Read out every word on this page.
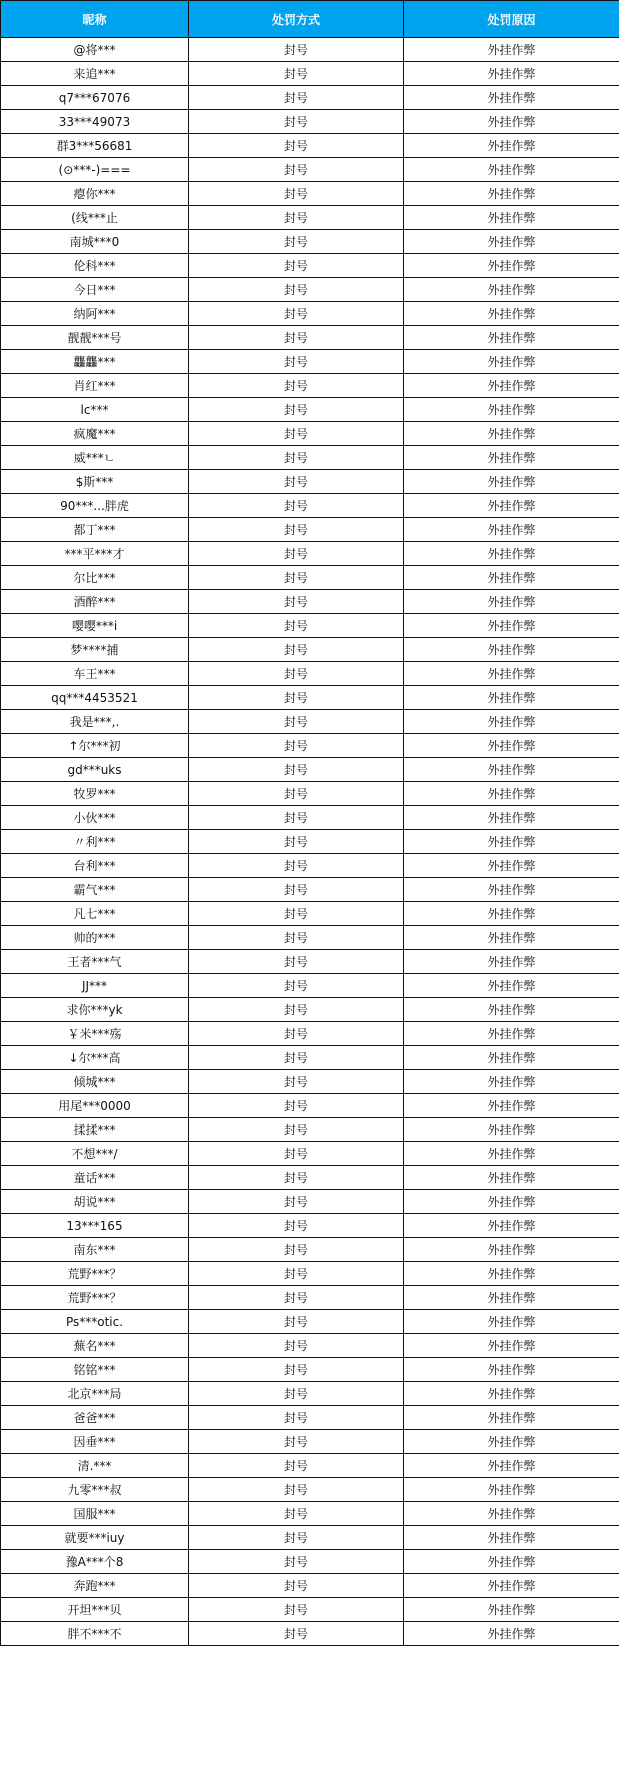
昵称	处罚方式	处罚原因
@将***	封号	外挂作弊
来追***	封号	外挂作弊
q7***67076	封号	外挂作弊
33***49073	封号	外挂作弊
群3***56681	封号	外挂作弊
(⊙***-)===	封号	外挂作弊
瘪你***	封号	外挂作弊
(线***止	封号	外挂作弊
南城***0	封号	外挂作弊
伦科***	封号	外挂作弊
今日***	封号	外挂作弊
纳阿***	封号	外挂作弊
靓靓***号	封号	外挂作弊
龘龘***	封号	外挂作弊
肖红***	封号	外挂作弊
lc***	封号	外挂作弊
疯魔***	封号	外挂作弊
威***ㄴ	封号	外挂作弊
$斯***	封号	外挂作弊
90***...胖虎	封号	外挂作弊
都丁***	封号	外挂作弊
***平***才	封号	外挂作弊
尔比***	封号	外挂作弊
酒醉***	封号	外挂作弊
嘤嘤***i	封号	外挂作弊
梦****捕	封号	外挂作弊
车王***	封号	外挂作弊
qq***4453521	封号	外挂作弊
我是***,.	封号	外挂作弊
↑尔***初	封号	外挂作弊
gd***uks	封号	外挂作弊
牧罗***	封号	外挂作弊
小伙***	封号	外挂作弊
〃利***	封号	外挂作弊
台利***	封号	外挂作弊
霸气***	封号	外挂作弊
凡七***	封号	外挂作弊
帅的***	封号	外挂作弊
王者***气	封号	外挂作弊
JJ***	封号	外挂作弊
求你***yk	封号	外挂作弊
￥米***殇	封号	外挂作弊
↓尔***高	封号	外挂作弊
倾城***	封号	外挂作弊
用尾***0000	封号	外挂作弊
揉揉***	封号	外挂作弊
不想***/	封号	外挂作弊
童话***	封号	外挂作弊
胡说***	封号	外挂作弊
13***165	封号	外挂作弊
南东***	封号	外挂作弊
荒野***？	封号	外挂作弊
荒野***？	封号	外挂作弊
Ps***otic.	封号	外挂作弊
蕪名***	封号	外挂作弊
铭铭***	封号	外挂作弊
北京***局	封号	外挂作弊
爸爸***	封号	外挂作弊
因垂***	封号	外挂作弊
清.***	封号	外挂作弊
九零***叔	封号	外挂作弊
国服***	封号	外挂作弊
就要***iuy	封号	外挂作弊
豫A***个8	封号	外挂作弊
奔跑***	封号	外挂作弊
开坦***贝	封号	外挂作弊
胖不***不	封号	外挂作弊
